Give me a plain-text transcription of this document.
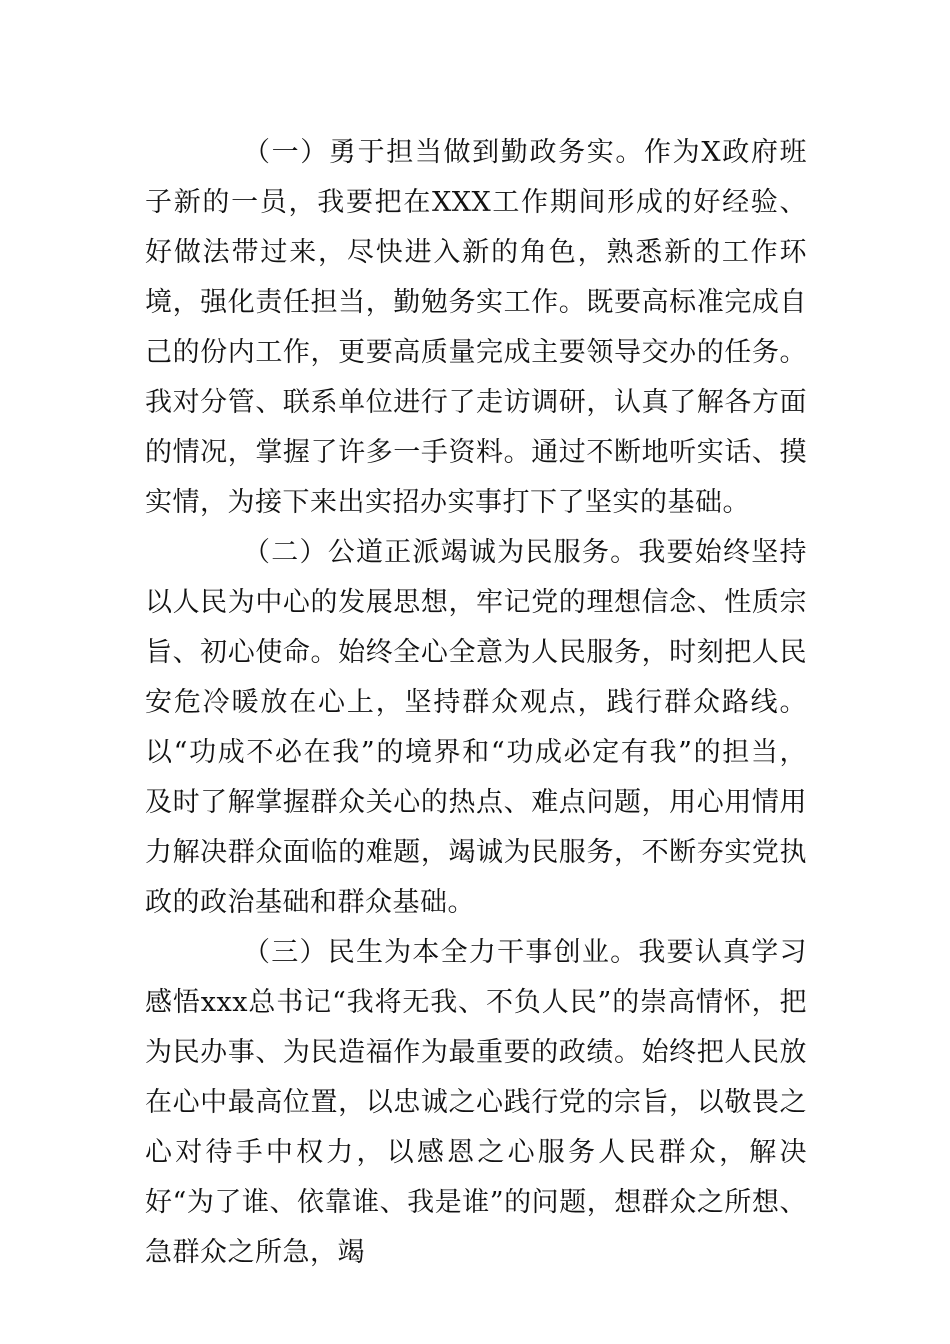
（一）勇于担当做到勤政务实。作为X政府班子新的一员，我要把在XXX工作期间形成的好经验、好做法带过来，尽快进入新的角色，熟悉新的工作环境，强化责任担当，勤勉务实工作。既要高标准完成自己的份内工作，更要高质量完成主要领导交办的任务。我对分管、联系单位进行了走访调研，认真了解各方面的情况，掌握了许多一手资料。通过不断地听实话、摸实情，为接下来出实招办实事打下了坚实的基础。

（二）公道正派竭诚为民服务。我要始终坚持以人民为中心的发展思想，牢记党的理想信念、性质宗旨、初心使命。始终全心全意为人民服务，时刻把人民安危冷暖放在心上，坚持群众观点，践行群众路线。以“功成不必在我”的境界和“功成必定有我”的担当，及时了解掌握群众关心的热点、难点问题，用心用情用力解决群众面临的难题，竭诚为民服务，不断夯实党执政的政治基础和群众基础。

（三）民生为本全力干事创业。我要认真学习感悟xxx总书记“我将无我、不负人民”的崇高情怀，把为民办事、为民造福作为最重要的政绩。始终把人民放在心中最高位置，以忠诚之心践行党的宗旨，以敬畏之心对待手中权力，以感恩之心服务人民群众，解决好“为了谁、依靠谁、我是谁”的问题，想群众之所想、急群众之所急，竭
